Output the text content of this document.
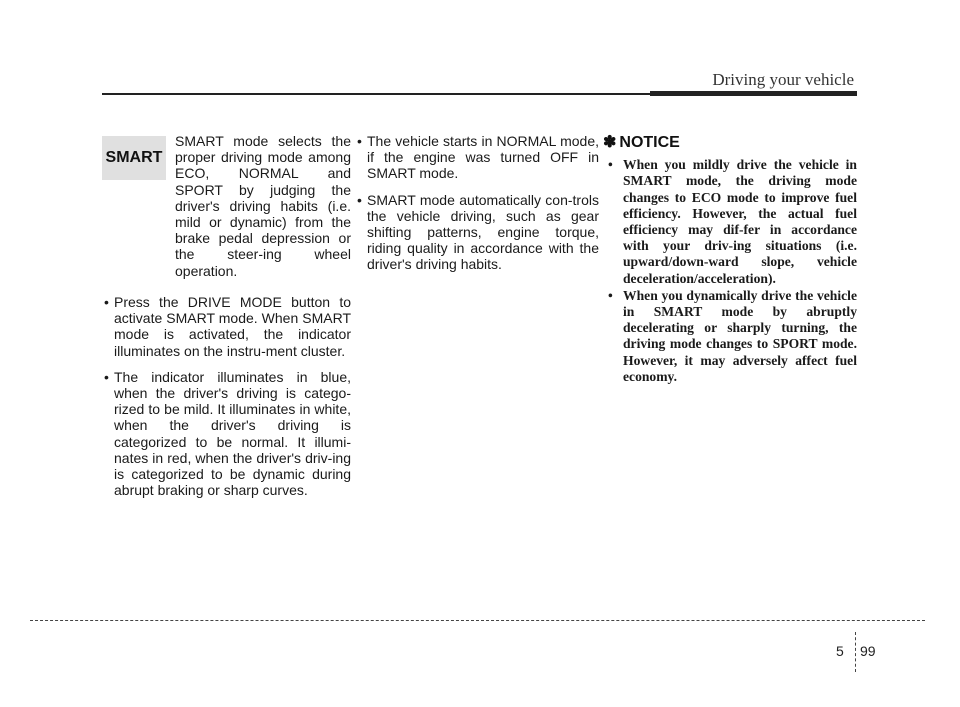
Driving your vehicle
SMART

SMART mode selects the proper driving mode among ECO, NORMAL and SPORT by judging the driver's driving habits (i.e. mild or dynamic) from the brake pedal depression or the steer-ing wheel operation.

• Press the DRIVE MODE button to activate SMART mode. When SMART mode is activated, the indicator illuminates on the instru-ment cluster.
• The indicator illuminates in blue, when the driver's driving is catego-rized to be mild. It illuminates in white, when the driver's driving is categorized to be normal. It illumi-nates in red, when the driver's driv-ing is categorized to be dynamic during abrupt braking or sharp curves.
• The vehicle starts in NORMAL mode, if the engine was turned OFF in SMART mode.
• SMART mode automatically con-trols the vehicle driving, such as gear shifting patterns, engine torque, riding quality in accordance with the driver's driving habits.
✽ NOTICE
• When you mildly drive the vehicle in SMART mode, the driving mode changes to ECO mode to improve fuel efficiency. However, the actual fuel efficiency may dif-fer in accordance with your driv-ing situations (i.e. upward/down-ward slope, vehicle deceleration/acceleration).
• When you dynamically drive the vehicle in SMART mode by abruptly decelerating or sharply turning, the driving mode changes to SPORT mode. However, it may adversely affect fuel economy.
5 99
